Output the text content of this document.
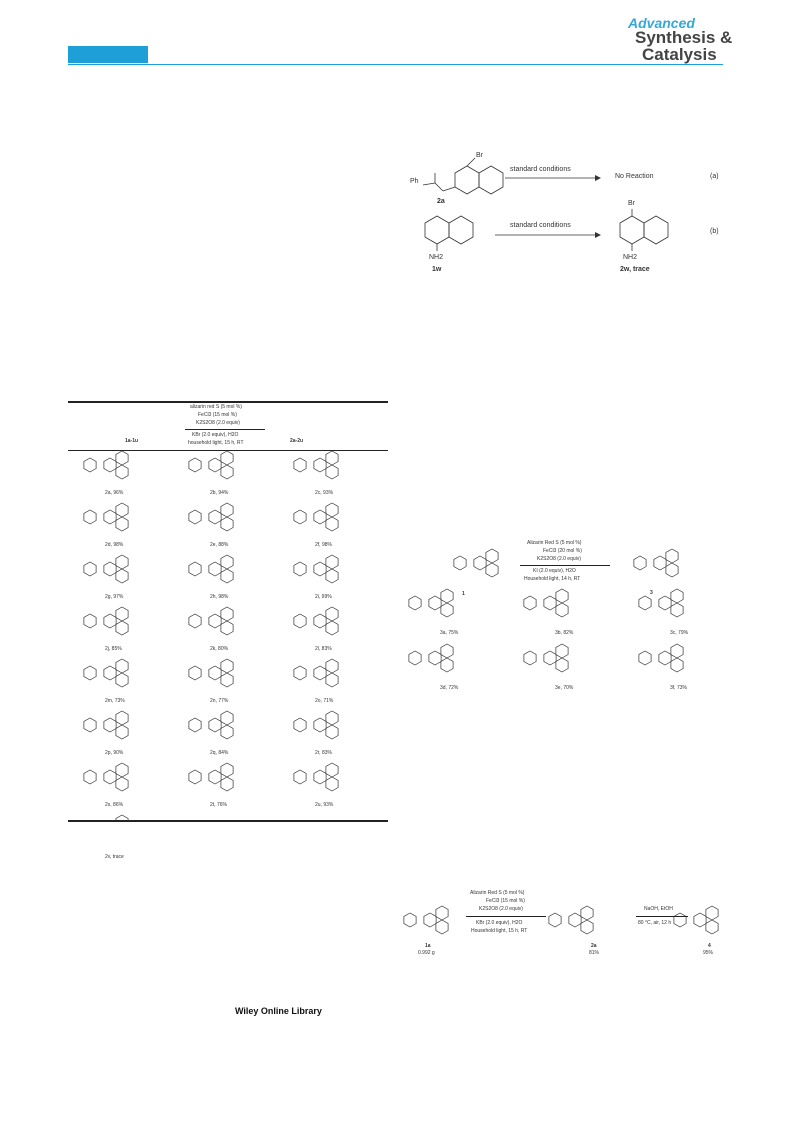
Advanced
Synthesis &
Catalysis
Br
Ph
2a
standard conditions
No Reaction	(a)
NH2
1w
standard conditions
Br
NH2
2w, trace
(b)
alizarin red S (5 mol %)
FeCl3 (15 mol %)
K2S2O8 (2.0 equiv)
KBr (2.0 equiv), H2O
household light, 15 h, RT
1a-1u	2a-2u
2a, 96%	2b, 94%	2c, 93%
2d, 98%	2e, 88%	2f, 98%
2g, 97%	2h, 98%	2i, 99%
2j, 85%	2k, 80%	2l, 83%
2m, 73%	2n, 77%	2o, 71%
2p, 90%	2q, 84%	2r, 83%
2s, 86%	2t, 76%	2u, 93%
2v, trace
Alizarin Red S (5 mol %)
FeCl3 (20 mol %)
K2S2O8 (2.0 equiv)
KI (2.0 equiv), H2O
Household light, 14 h, RT
1	3
3a, 75%	3b, 82%	3c, 79%
3d, 72%	3e, 70%	3f, 73%
Alizarin Red S (5 mol %)
FeCl3 (15 mol %)
K2S2O8 (2.0 equiv)
KBr (2.0 equiv), H2O
Household light, 15 h, RT
NaOH, EtOH
80 °C, air, 12 h
1a
0.992 g
2a
81%
4
95%
Wiley Online Library
